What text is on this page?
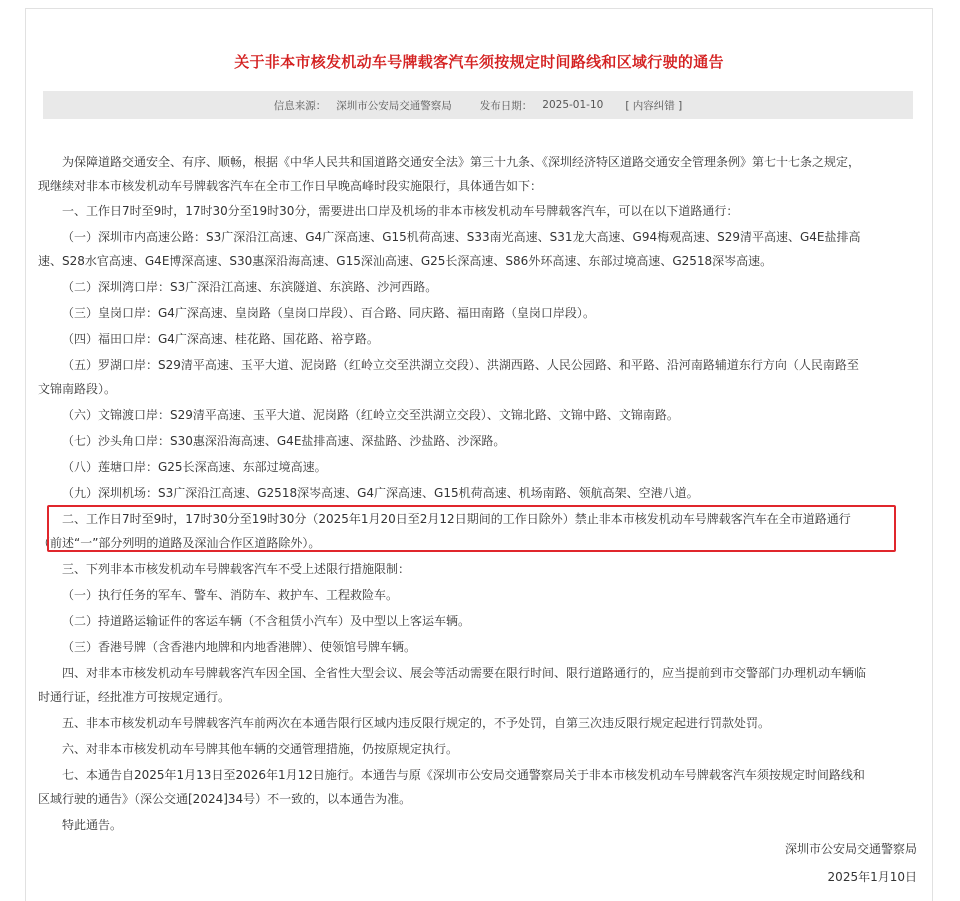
关于非本市核发机动车号牌载客汽车须按规定时间路线和区域行驶的通告
信息来源： 深圳市公安局交通警察局	发布日期： 2025-01-10 [ 内容纠错 ]

为保障道路交通安全、有序、顺畅，根据《中华人民共和国道路交通安全法》第三十九条、《深圳经济特区道路交通安全管理条例》第七十七条之规定，现继续对非本市核发机动车号牌载客汽车在全市工作日早晚高峰时段实施限行，具体通告如下：

一、工作日7时至9时，17时30分至19时30分，需要进出口岸及机场的非本市核发机动车号牌载客汽车，可以在以下道路通行：

（一）深圳市内高速公路：S3广深沿江高速、G4广深高速、G15机荷高速、S33南光高速、S31龙大高速、G94梅观高速、S29清平高速、G4E盐排高速、S28水官高速、G4E博深高速、S30惠深沿海高速、G15深汕高速、G25长深高速、S86外环高速、东部过境高速、G2518深岑高速。

（二）深圳湾口岸：S3广深沿江高速、东滨隧道、东滨路、沙河西路。

（三）皇岗口岸：G4广深高速、皇岗路（皇岗口岸段）、百合路、同庆路、福田南路（皇岗口岸段）。

（四）福田口岸：G4广深高速、桂花路、国花路、裕亨路。

（五）罗湖口岸：S29清平高速、玉平大道、泥岗路（红岭立交至洪湖立交段）、洪湖西路、人民公园路、和平路、沿河南路辅道东行方向（人民南路至文锦南路段）。

（六）文锦渡口岸：S29清平高速、玉平大道、泥岗路（红岭立交至洪湖立交段）、文锦北路、文锦中路、文锦南路。

（七）沙头角口岸：S30惠深沿海高速、G4E盐排高速、深盐路、沙盐路、沙深路。

（八）莲塘口岸：G25长深高速、东部过境高速。

（九）深圳机场：S3广深沿江高速、G2518深岑高速、G4广深高速、G15机荷高速、机场南路、领航高架、空港八道。

二、工作日7时至9时，17时30分至19时30分（2025年1月20日至2月12日期间的工作日除外）禁止非本市核发机动车号牌载客汽车在全市道路通行（前述“一”部分列明的道路及深汕合作区道路除外）。

三、下列非本市核发机动车号牌载客汽车不受上述限行措施限制：

（一）执行任务的军车、警车、消防车、救护车、工程救险车。

（二）持道路运输证件的客运车辆（不含租赁小汽车）及中型以上客运车辆。

（三）香港号牌（含香港内地牌和内地香港牌）、使领馆号牌车辆。

四、对非本市核发机动车号牌载客汽车因全国、全省性大型会议、展会等活动需要在限行时间、限行道路通行的，应当提前到市交警部门办理机动车辆临时通行证，经批准方可按规定通行。

五、非本市核发机动车号牌载客汽车前两次在本通告限行区域内违反限行规定的，不予处罚，自第三次违反限行规定起进行罚款处罚。

六、对非本市核发机动车号牌其他车辆的交通管理措施，仍按原规定执行。

七、本通告自2025年1月13日至2026年1月12日施行。本通告与原《深圳市公安局交通警察局关于非本市核发机动车号牌载客汽车须按规定时间路线和区域行驶的通告》（深公交通[2024]34号）不一致的，以本通告为准。

特此通告。

深圳市公安局交通警察局
2025年1月10日
